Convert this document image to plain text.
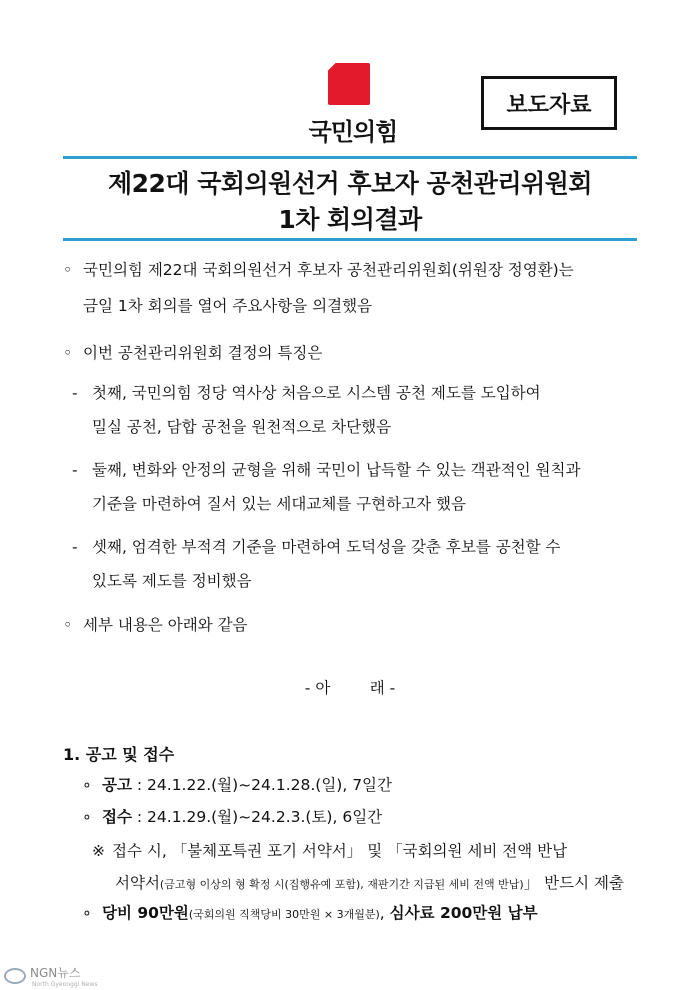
국민의힘
보도자료
제22대 국회의원선거 후보자 공천관리위원회
1차 회의결과
◦ 국민의힘 제22대 국회의원선거 후보자 공천관리위원회(위원장 정영환)는
금일 1차 회의를 열어 주요사항을 의결했음
◦ 이번 공천관리위원회 결정의 특징은
- 첫째, 국민의힘 정당 역사상 처음으로 시스템 공천 제도를 도입하여
밀실 공천, 담합 공천을 원천적으로 차단했음
- 둘째, 변화와 안정의 균형을 위해 국민이 납득할 수 있는 객관적인 원칙과
기준을 마련하여 질서 있는 세대교체를 구현하고자 했음
- 셋째, 엄격한 부적격 기준을 마련하여 도덕성을 갖춘 후보를 공천할 수
있도록 제도를 정비했음
◦ 세부 내용은 아래와 같음
- 아        래 -
1. 공고 및 접수
∘ 공고 : 24.1.22.(월)~24.1.28.(일), 7일간
∘ 접수 : 24.1.29.(월)~24.2.3.(토), 6일간
※ 접수 시, 「불체포특권 포기 서약서」 및 「국회의원 세비 전액 반납
서약서(금고형 이상의 형 확정 시(집행유예 포함), 재판기간 지급된 세비 전액 반납)」 반드시 제출
∘ 당비 90만원(국회의원 직책당비 30만원 × 3개월분), 심사료 200만원 납부
NGN뉴스
North Gyeonggi News
